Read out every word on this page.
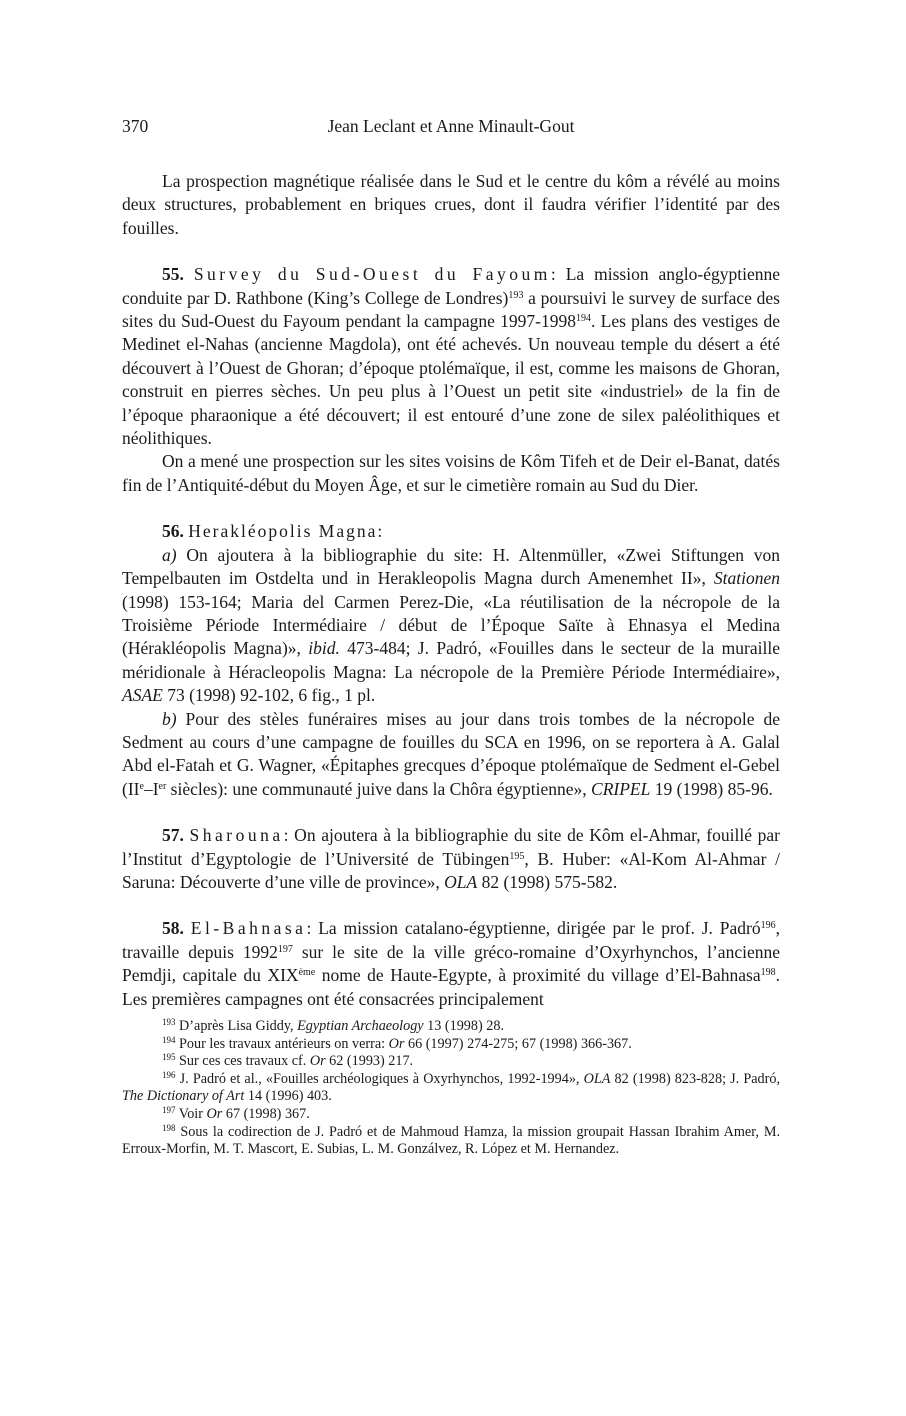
370	Jean Leclant et Anne Minault-Gout

La prospection magnétique réalisée dans le Sud et le centre du kôm a révélé au moins deux structures, probablement en briques crues, dont il faudra vérifier l’identité par des fouilles.

55. Survey du Sud-Ouest du Fayoum: La mission anglo-égyptienne conduite par D. Rathbone (King’s College de Londres)$^{193}$ a poursuivi le survey de surface des sites du Sud-Ouest du Fayoum pendant la campagne 1997-1998$^{194}$. Les plans des vestiges de Medinet el-Nahas (ancienne Magdola), ont été achevés. Un nouveau temple du désert a été découvert à l’Ouest de Ghoran; d’époque ptolémaïque, il est, comme les maisons de Ghoran, construit en pierres sèches. Un peu plus à l’Ouest un petit site «industriel» de la fin de l’époque pharaonique a été découvert; il est entouré d’une zone de silex paléolithiques et néolithiques.

On a mené une prospection sur les sites voisins de Kôm Tifeh et de Deir el-Banat, datés fin de l’Antiquité-début du Moyen Âge, et sur le cimetière romain au Sud du Dier.

56. Herakléopolis Magna:

a) On ajoutera à la bibliographie du site: H. Altenmüller, «Zwei Stiftungen von Tempelbauten im Ostdelta und in Herakleopolis Magna durch Amenemhet II», Stationen (1998) 153-164; Maria del Carmen Perez-Die, «La réutilisation de la nécropole de la Troisième Période Intermédiaire / début de l’Époque Saïte à Ehnasya el Medina (Hérakléopolis Magna)», ibid. 473-484; J. Padró, «Fouilles dans le secteur de la muraille méridionale à Héracleopolis Magna: La nécropole de la Première Période Intermédiaire», ASAE 73 (1998) 92-102, 6 fig., 1 pl.

b) Pour des stèles funéraires mises au jour dans trois tombes de la nécropole de Sedment au cours d’une campagne de fouilles du SCA en 1996, on se reportera à A. Galal Abd el-Fatah et G. Wagner, «Épitaphes grecques d’époque ptolémaïque de Sedment el-Gebel (IIe–Ier siècles): une communauté juive dans la Chôra égyptienne», CRIPEL 19 (1998) 85-96.

57. Sharouna: On ajoutera à la bibliographie du site de Kôm el-Ahmar, fouillé par l’Institut d’Egyptologie de l’Université de Tübingen$^{195}$, B. Huber: «Al-Kom Al-Ahmar / Saruna: Découverte d’une ville de province», OLA 82 (1998) 575-582.

58. El-Bahnasa: La mission catalano-égyptienne, dirigée par le prof. J. Padró$^{196}$, travaille depuis 1992$^{197}$ sur le site de la ville gréco-romaine d’Oxyrhynchos, l’ancienne Pemdji, capitale du XIXème nome de Haute-Egypte, à proximité du village d’El-Bahnasa$^{198}$. Les premières campagnes ont été consacrées principalement

$^{193}$ D’après Lisa Giddy, Egyptian Archaeology 13 (1998) 28.

$^{194}$ Pour les travaux antérieurs on verra: Or 66 (1997) 274-275; 67 (1998) 366-367.

$^{195}$ Sur ces ces travaux cf. Or 62 (1993) 217.

$^{196}$ J. Padró et al., «Fouilles archéologiques à Oxyrhynchos, 1992-1994», OLA 82 (1998) 823-828; J. Padró, The Dictionary of Art 14 (1996) 403.

$^{197}$ Voir Or 67 (1998) 367.

$^{198}$ Sous la codirection de J. Padró et de Mahmoud Hamza, la mission groupait Hassan Ibrahim Amer, M. Erroux-Morfin, M. T. Mascort, E. Subias, L. M. Gonzálvez, R. López et M. Hernandez.
